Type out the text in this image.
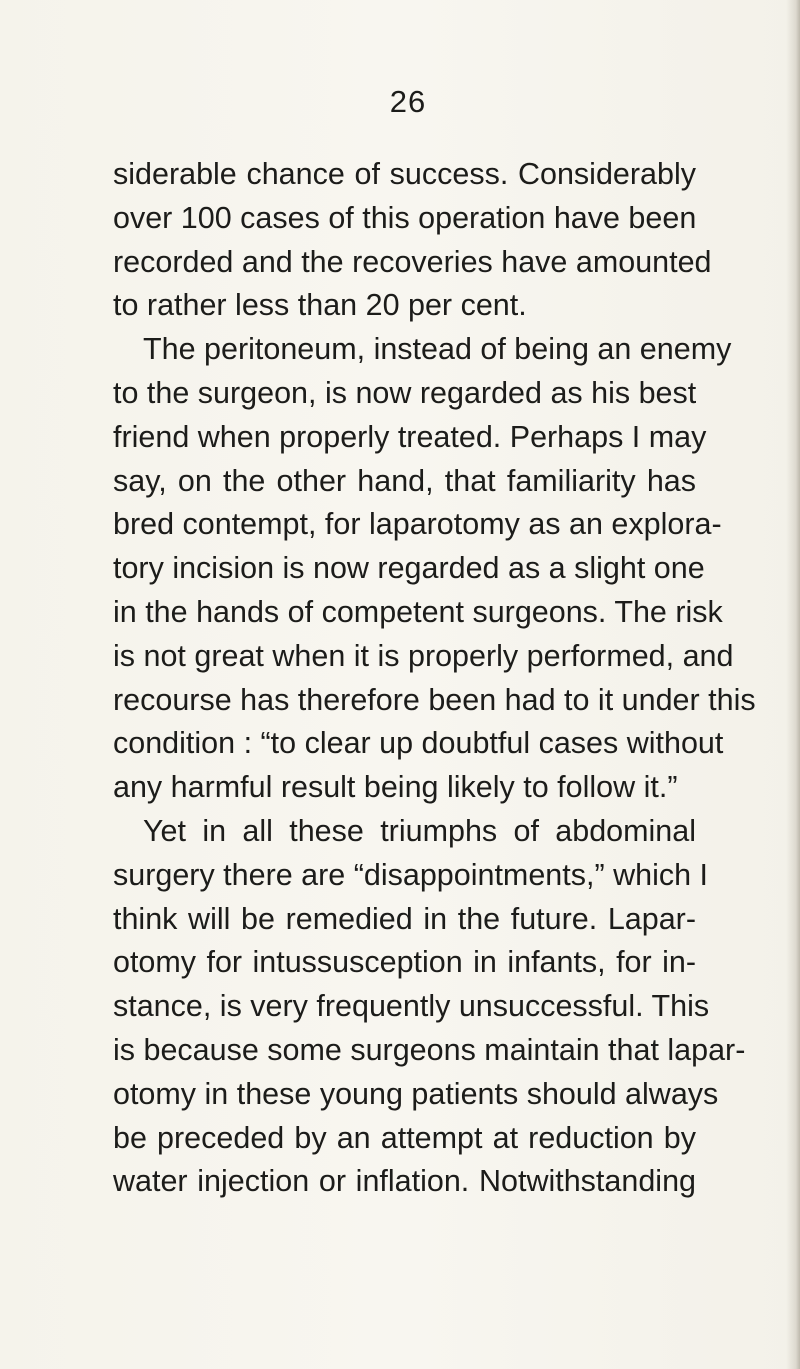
26
siderable chance of success. Considerably
over 100 cases of this operation have been
recorded and the recoveries have amounted
to rather less than 20 per cent.
The peritoneum, instead of being an enemy
to the surgeon, is now regarded as his best
friend when properly treated. Perhaps I may
say, on the other hand, that familiarity has
bred contempt, for laparotomy as an explora-
tory incision is now regarded as a slight one
in the hands of competent surgeons. The risk
is not great when it is properly performed, and
recourse has therefore been had to it under this
condition : “to clear up doubtful cases without
any harmful result being likely to follow it.”
Yet in all these triumphs of abdominal
surgery there are “disappointments,” which I
think will be remedied in the future. Lapar-
otomy for intussusception in infants, for in-
stance, is very frequently unsuccessful. This
is because some surgeons maintain that lapar-
otomy in these young patients should always
be preceded by an attempt at reduction by
water injection or inflation. Notwithstanding
